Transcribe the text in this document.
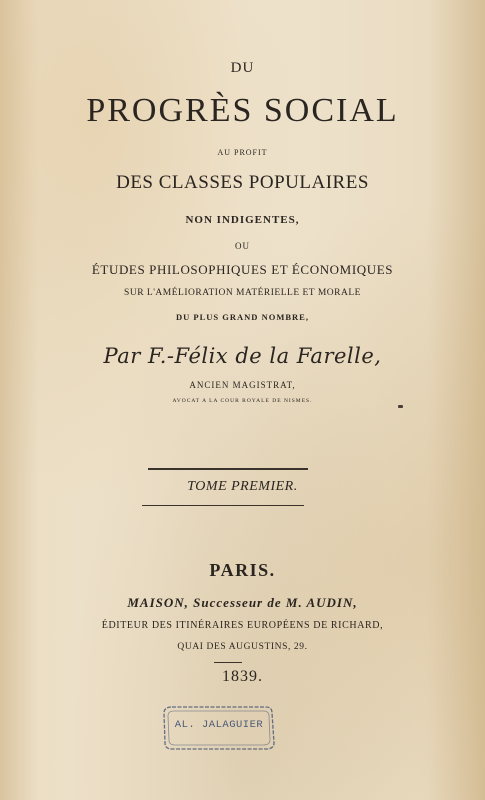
DU
PROGRÈS SOCIAL
AU PROFIT
DES CLASSES POPULAIRES
NON INDIGENTES,
OU
ÉTUDES PHILOSOPHIQUES ET ÉCONOMIQUES
SUR L'AMÉLIORATION MATÉRIELLE ET MORALE
DU PLUS GRAND NOMBRE,
Par F.-Félix de la Farelle,
ANCIEN MAGISTRAT,
AVOCAT A LA COUR ROYALE DE NISMES.
TOME PREMIER.
PARIS.
MAISON, Successeur de M. AUDIN,
ÉDITEUR DES ITINÉRAIRES EUROPÉENS DE RICHARD,
QUAI DES AUGUSTINS, 29.
1839.
AL. JALAGUIER
